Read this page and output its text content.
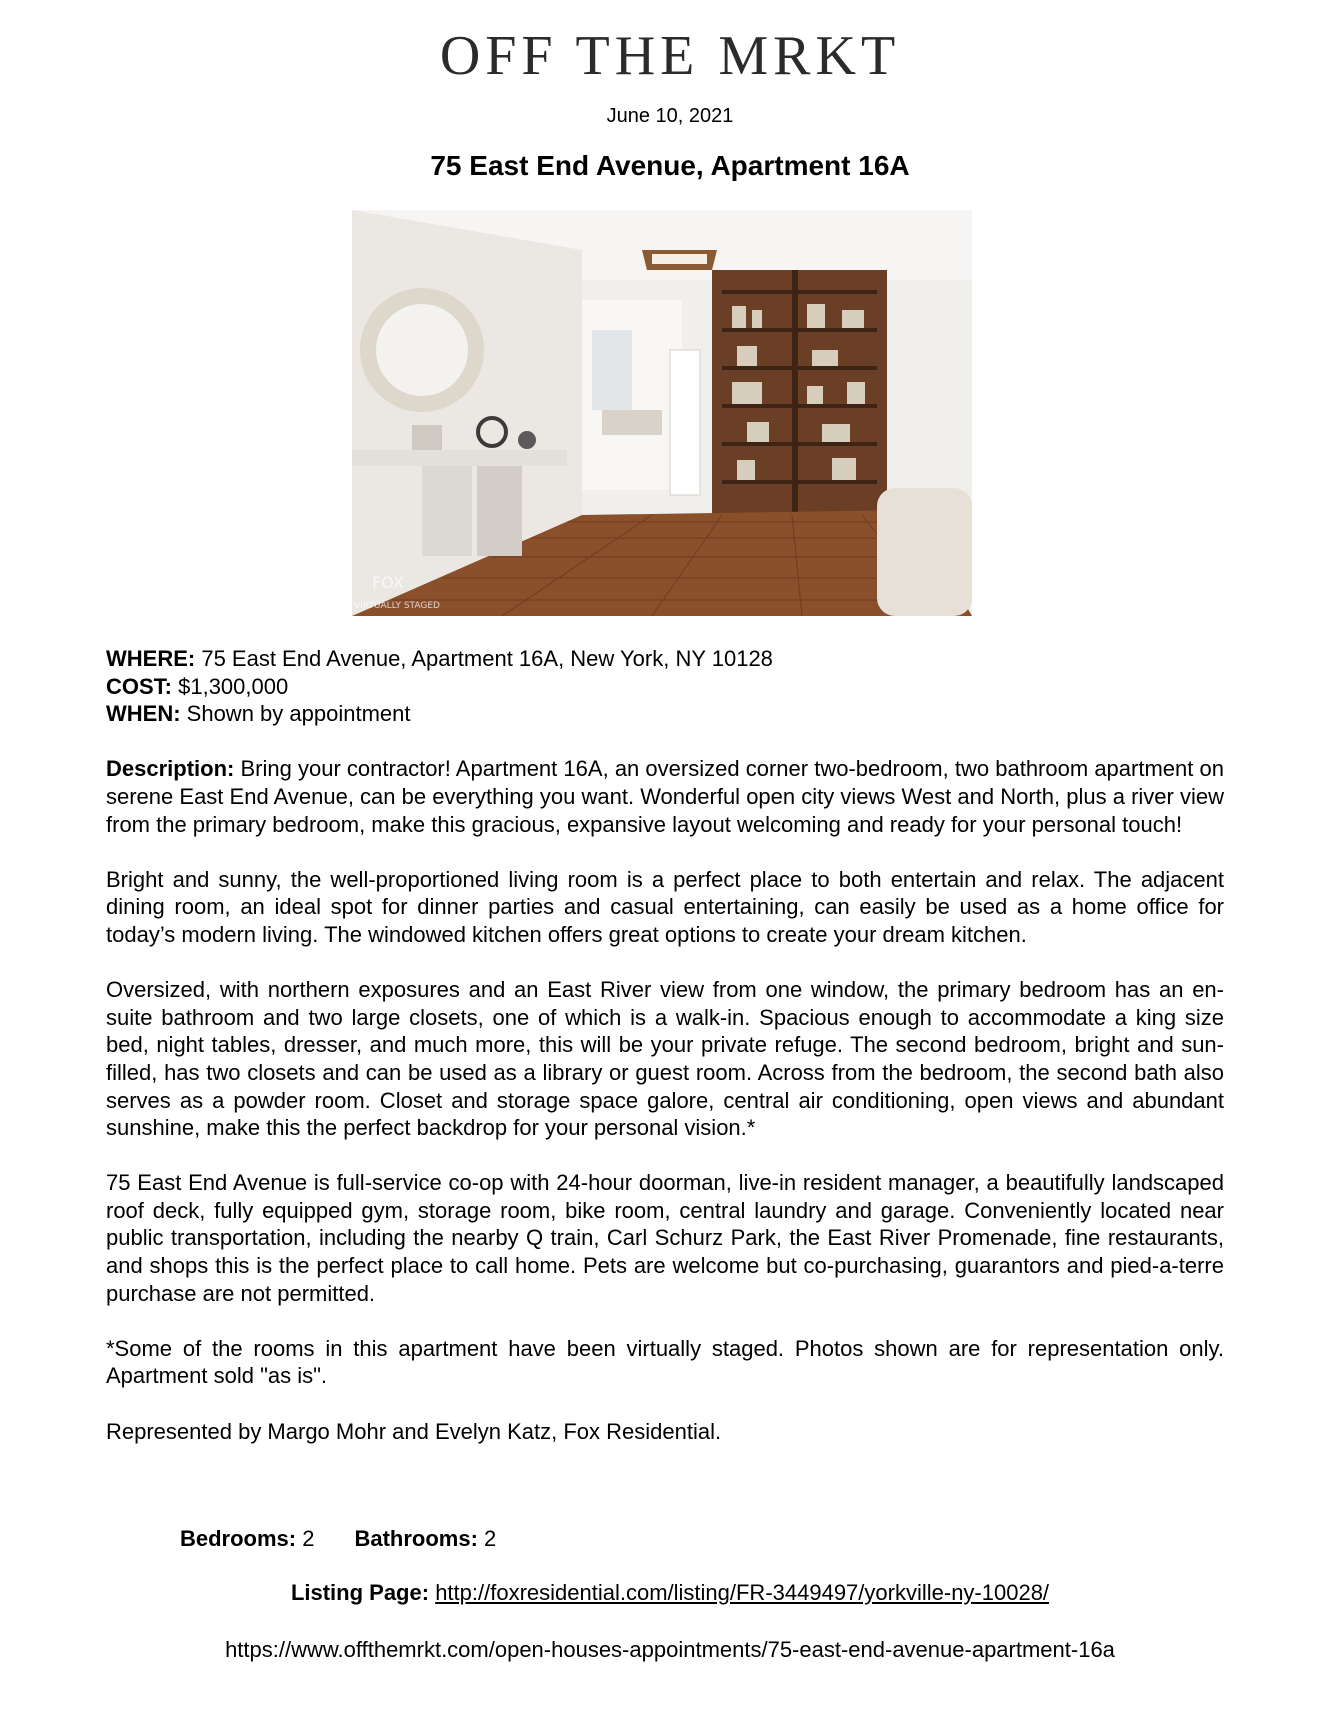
OFF THE MRKT
June 10, 2021
75 East End Avenue, Apartment 16A
FOX
VIRTUALLY STAGED

WHERE: 75 East End Avenue, Apartment 16A, New York, NY 10128

COST: $1,300,000

WHEN: Shown by appointment

Description: Bring your contractor! Apartment 16A, an oversized corner two-bedroom, two bathroom apartment on serene East End Avenue, can be everything you want. Wonderful open city views West and North, plus a river view from the primary bedroom, make this gracious, expansive layout welcoming and ready for your personal touch!

Bright and sunny, the well-proportioned living room is a perfect place to both entertain and relax. The adjacent dining room, an ideal spot for dinner parties and casual entertaining, can easily be used as a home office for today’s modern living. The windowed kitchen offers great options to create your dream kitchen.

Oversized, with northern exposures and an East River view from one window, the primary bedroom has an en-suite bathroom and two large closets, one of which is a walk-in. Spacious enough to accommodate a king size bed, night tables, dresser, and much more, this will be your private refuge. The second bedroom, bright and sun-filled, has two closets and can be used as a library or guest room. Across from the bedroom, the second bath also serves as a powder room. Closet and storage space galore, central air conditioning, open views and abundant sunshine, make this the perfect backdrop for your personal vision.*

75 East End Avenue is full-service co-op with 24-hour doorman, live-in resident manager, a beautifully landscaped roof deck, fully equipped gym, storage room, bike room, central laundry and garage. Conveniently located near public transportation, including the nearby Q train, Carl Schurz Park, the East River Promenade, fine restaurants, and shops this is the perfect place to call home. Pets are welcome but co-purchasing, guarantors and pied-a-terre purchase are not permitted.

*Some of the rooms in this apartment have been virtually staged. Photos shown are for representation only. Apartment sold "as is".

Represented by Margo Mohr and Evelyn Katz, Fox Residential.

Bedrooms: 2 Bathrooms: 2
Listing Page: http://foxresidential.com/listing/FR-3449497/yorkville-ny-10028/
https://www.offthemrkt.com/open-houses-appointments/75-east-end-avenue-apartment-16a
